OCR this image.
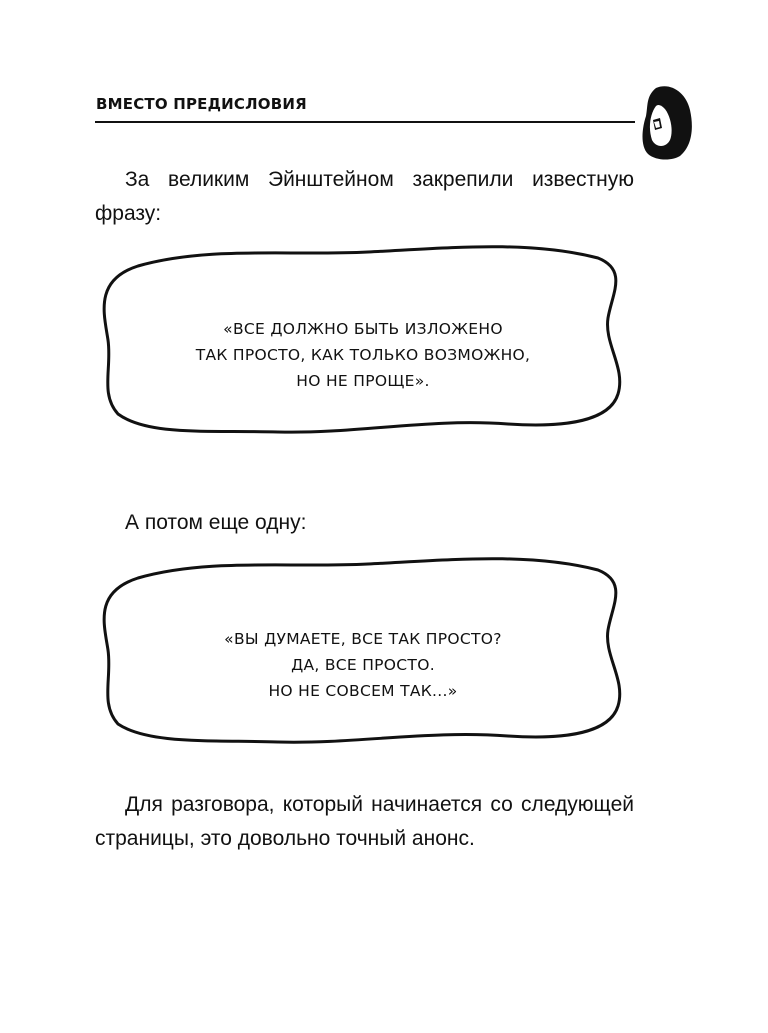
ВМЕСТО ПРЕДИСЛОВИЯ

За великим Эйнштейном закрепили известную фразу:

«ВСЕ ДОЛЖНО БЫТЬ ИЗЛОЖЕНО
ТАК ПРОСТО, КАК ТОЛЬКО ВОЗМОЖНО,
НО НЕ ПРОЩЕ».

А потом еще одну:

«ВЫ ДУМАЕТЕ, ВСЕ ТАК ПРОСТО?
ДА, ВСЕ ПРОСТО.
НО НЕ СОВСЕМ ТАК...»

Для разговора, который начинается со следующей страницы, это довольно точный анонс.
